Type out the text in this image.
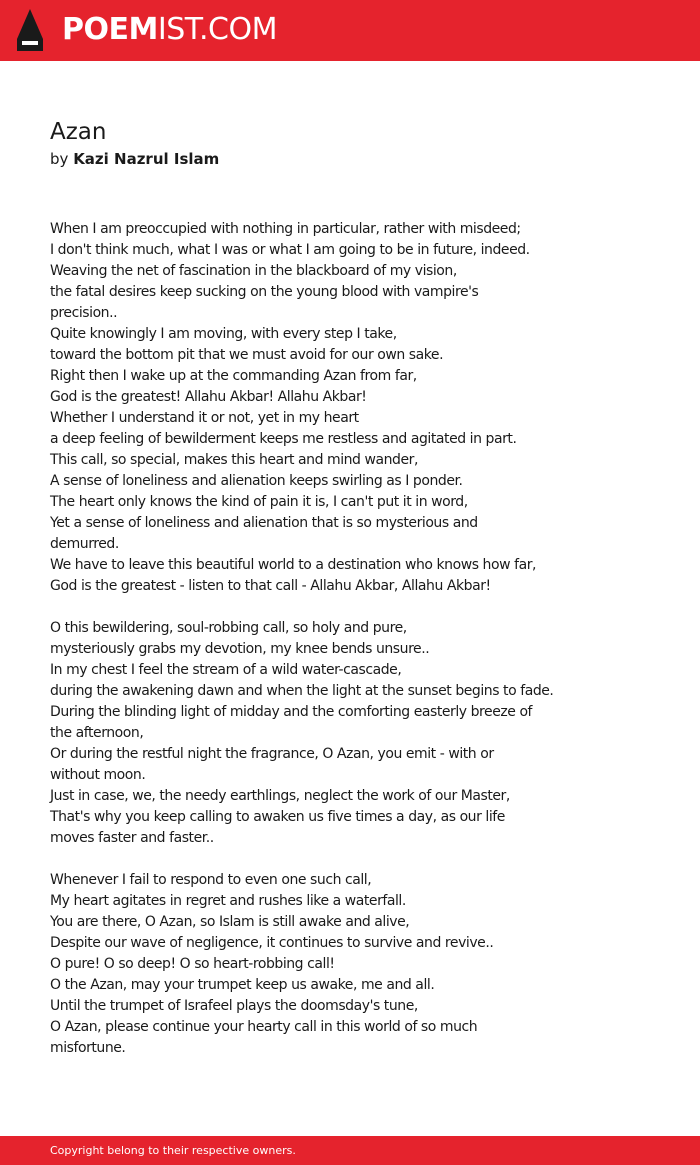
POEMIST.COM
Azan
by Kazi Nazrul Islam
When I am preoccupied with nothing in particular, rather with misdeed;
I don't think much, what I was or what I am going to be in future, indeed.
Weaving the net of fascination in the blackboard of my vision,
the fatal desires keep sucking on the young blood with vampire's
precision..
Quite knowingly I am moving, with every step I take,
toward the bottom pit that we must avoid for our own sake.
Right then I wake up at the commanding Azan from far,
God is the greatest! Allahu Akbar! Allahu Akbar!
Whether I understand it or not, yet in my heart
a deep feeling of bewilderment keeps me restless and agitated in part.
This call, so special, makes this heart and mind wander,
A sense of loneliness and alienation keeps swirling as I ponder.
The heart only knows the kind of pain it is, I can't put it in word,
Yet a sense of loneliness and alienation that is so mysterious and
demurred.
We have to leave this beautiful world to a destination who knows how far,
God is the greatest - listen to that call - Allahu Akbar, Allahu Akbar!
O this bewildering, soul-robbing call, so holy and pure,
mysteriously grabs my devotion, my knee bends unsure..
In my chest I feel the stream of a wild water-cascade,
during the awakening dawn and when the light at the sunset begins to fade.
During the blinding light of midday and the comforting easterly breeze of
the afternoon,
Or during the restful night the fragrance, O Azan, you emit - with or
without moon.
Just in case, we, the needy earthlings, neglect the work of our Master,
That's why you keep calling to awaken us five times a day, as our life
moves faster and faster..
Whenever I fail to respond to even one such call,
My heart agitates in regret and rushes like a waterfall.
You are there, O Azan, so Islam is still awake and alive,
Despite our wave of negligence, it continues to survive and revive..
O pure! O so deep! O so heart-robbing call!
O the Azan, may your trumpet keep us awake, me and all.
Until the trumpet of Israfeel plays the doomsday's tune,
O Azan, please continue your hearty call in this world of so much
misfortune.
Copyright belong to their respective owners.
